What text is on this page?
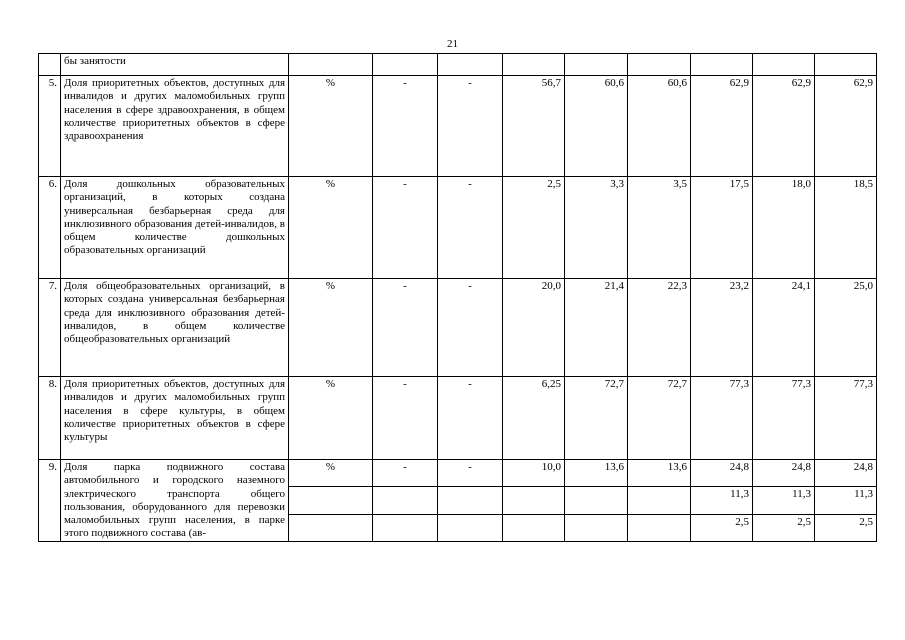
21
	бы занятости									
5.	Доля приоритетных объектов, доступных для инвалидов и других маломобильных групп населения в сфере здравоохранения, в общем количестве приоритетных объектов в сфере здравоохранения	%	-	-	56,7	60,6	60,6	62,9	62,9	62,9
6.	Доля дошкольных образовательных организаций, в которых создана универсальная безбарьерная среда для инклюзивного образования детей-инвалидов, в общем количестве дошкольных образовательных организаций	%	-	-	2,5	3,3	3,5	17,5	18,0	18,5
7.	Доля общеобразовательных организаций, в которых создана универсальная безбарьерная среда для инклюзивного образования детей-инвалидов, в общем количестве общеобразовательных организаций	%	-	-	20,0	21,4	22,3	23,2	24,1	25,0
8.	Доля приоритетных объектов, доступных для инвалидов и других маломобильных групп населения в сфере культуры, в общем количестве приоритетных объектов в сфере культуры	%	-	-	6,25	72,7	72,7	77,3	77,3	77,3
9.	Доля парка подвижного состава автомобильного и городского наземного электрического транспорта общего пользования, оборудованного для перевозки маломобильных групп населения, в парке этого подвижного состава (ав-	%	-	-	10,0	13,6	13,6	24,8	24,8	24,8
								11,3	11,3	11,3
								2,5	2,5	2,5
